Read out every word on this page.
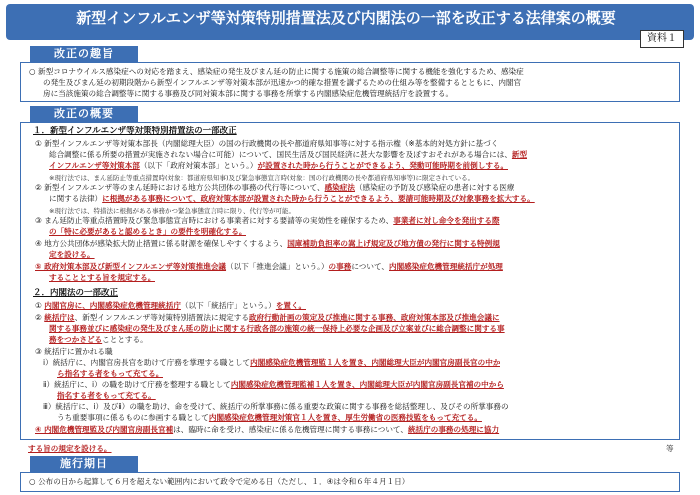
新型インフルエンザ等対策特別措置法及び内閣法の一部を改正する法律案の概要
資料１
改正の趣旨
○ 新型コロナウイルス感染症への対応を踏まえ、感染症の発生及びまん延の防止に関する施策の総合調整等に関する機能を強化するため、感染症
の発生及びまん延の初期段階から新型インフルエンザ等対策本部が迅速かつ的確な措置を講ずるための仕組み等を整備するとともに、内閣官
房に当該施策の総合調整等に関する事務及び同対策本部に関する事務を所掌する内閣感染症危機管理統括庁を設置する。
改正の概要
１．新型インフルエンザ等対策特別措置法の一部改正
① 新型インフルエンザ等対策本部長（内閣総理大臣）の国の行政機関の長や都道府県知事等に対する指示権（※基本的対処方針に基づく
総合調整に係る所要の措置が実施されない場合に可能）について、国民生活及び国民経済に甚大な影響を及ぼすおそれがある場合には、新型
インフルエンザ等対策本部（以下「政府対策本部」という。）が設置された時から行うことができるよう、発動可能時期を前倒しする。
※現行法では、まん延防止等重点措置時(対象：都道府県知事)及び緊急事態宣言時(対象：国の行政機関の長や都道府県知事等)に限定されている。
② 新型インフルエンザ等のまん延時における地方公共団体の事務の代行等について、感染症法（感染症の予防及び感染症の患者に対する医療
に関する法律）に根拠がある事務について、政府対策本部が設置された時から行うことができるよう、要請可能時期及び対象事務を拡大する。
※現行法では、特措法に根拠がある事務かつ緊急事態宣言時に限り、代行等が可能。
③ まん延防止等重点措置時及び緊急事態宣言時における事業者に対する要請等の実効性を確保するため、事業者に対し命令を発出する際
の「特に必要があると認めるとき」の要件を明確化する。
④ 地方公共団体が感染拡大防止措置に係る財源を確保しやすくするよう、国庫補助負担率の嵩上げ規定及び地方債の発行に関する特例規
定を設ける。
⑤ 政府対策本部及び新型インフルエンザ等対策推進会議（以下「推進会議」という。）の事務について、内閣感染症危機管理統括庁が処理
することとする旨を規定する。
２．内閣法の一部改正
① 内閣官房に、内閣感染症危機管理統括庁（以下「統括庁」という。）を置く。
② 統括庁は、新型インフルエンザ等対策特別措置法に規定する政府行動計画の策定及び推進に関する事務、政府対策本部及び推進会議に
関する事務並びに感染症の発生及びまん延の防止に関する行政各部の施策の統一保持上必要な企画及び立案並びに総合調整に関する事
務をつかさどることとする。
③ 統括庁に置かれる職
ⅰ）統括庁に、内閣官房長官を助けて庁務を掌理する職として内閣感染症危機管理監１人を置き、内閣総理大臣が内閣官房副長官の中か
ら指名する者をもって充てる。
ⅱ）統括庁に、ⅰ）の職を助けて庁務を整理する職として内閣感染症危機管理監補１人を置き、内閣総理大臣が内閣官房副長官補の中から
指名する者をもって充てる。
ⅲ）統括庁に、ⅰ）及びⅱ）の職を助け、命を受けて、統括庁の所掌事務に係る重要な政策に関する事務を総括整理し、及びその所掌事務の
うち重要事項に係るものに参画する職として内閣感染症危機管理対策官１人を置き、厚生労働省の医務技監をもって充てる。
④ 内閣危機管理監及び内閣官房副長官補は、臨時に命を受け、感染症に係る危機管理に関する事務について、統括庁の事務の処理に協力
する旨の規定を設ける。	等
施行期日
○ 公布の日から起算して６月を超えない範囲内において政令で定める日（ただし、１．④は令和６年４月１日）
